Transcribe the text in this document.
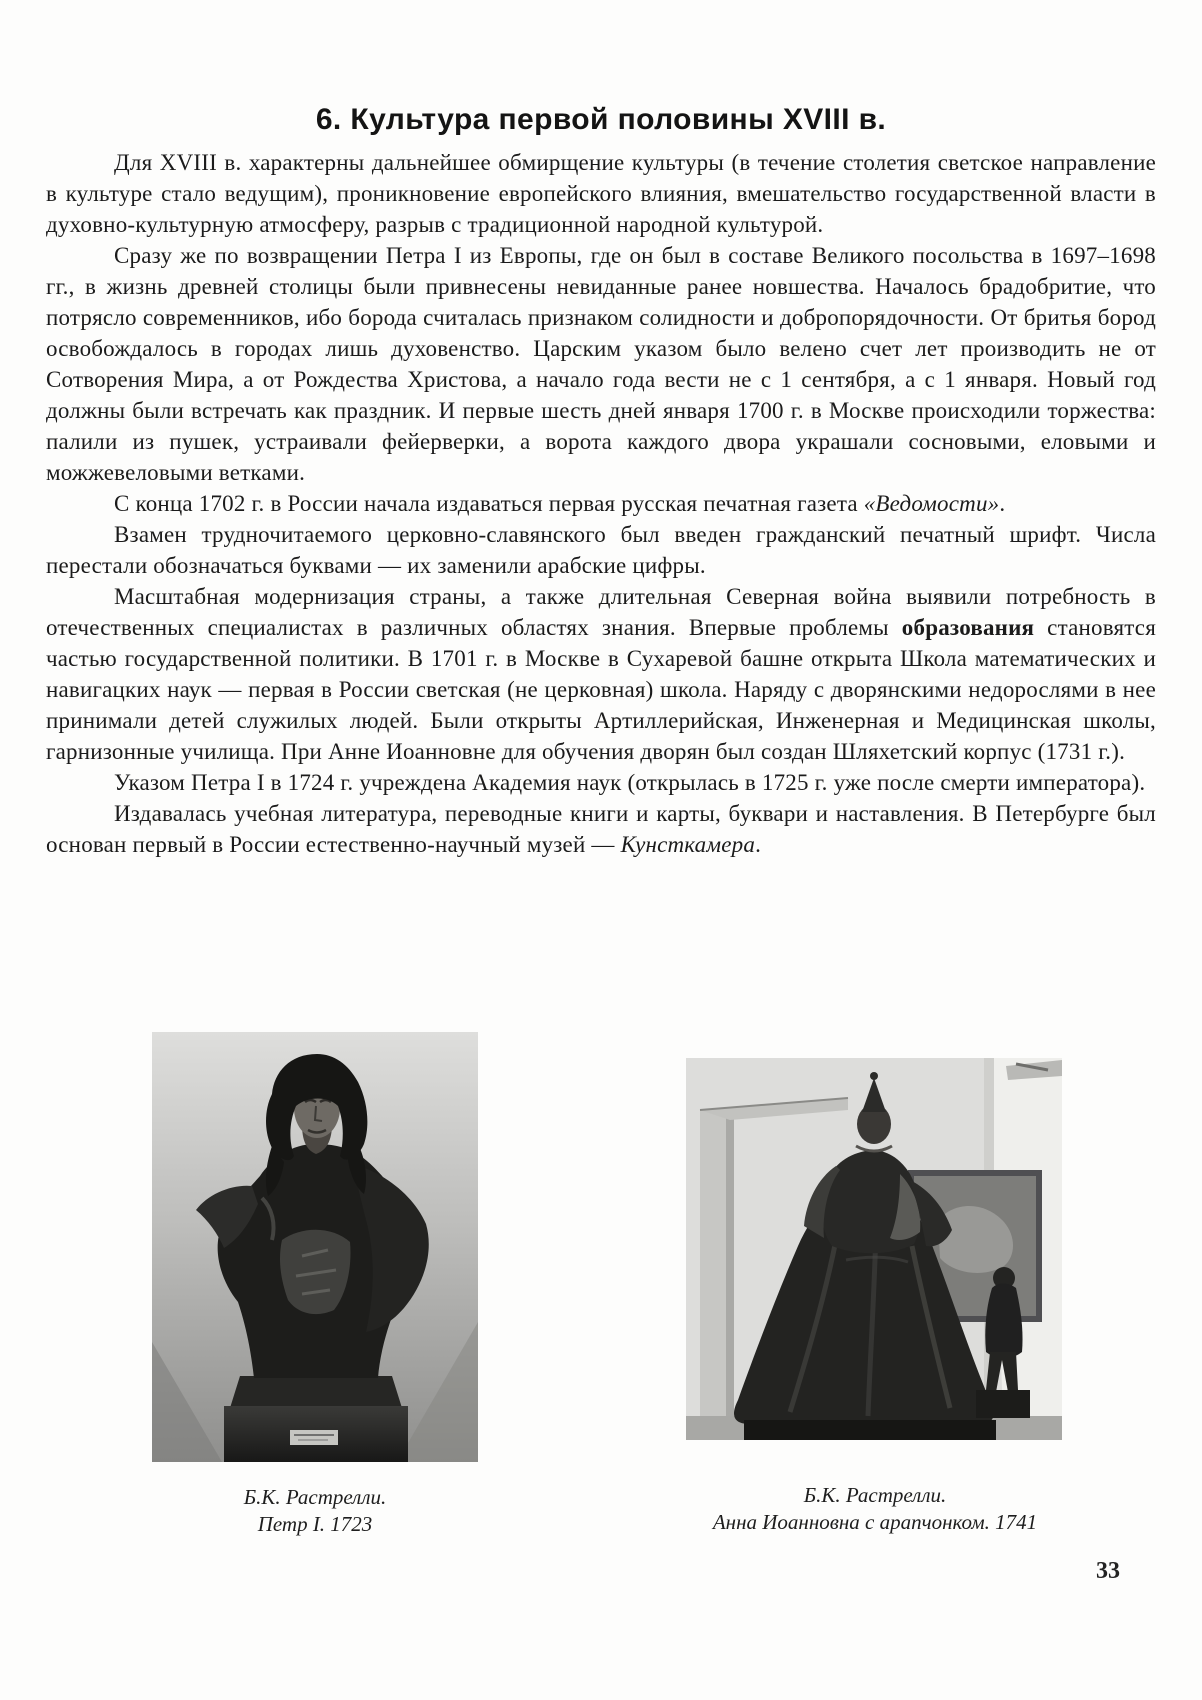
6. Культура первой половины XVIII в.

Для XVIII в. характерны дальнейшее обмирщение культуры (в течение столетия светское направление в культуре стало ведущим), проникновение европейского влияния, вмешательство государственной власти в духовно-культурную атмосферу, разрыв с традиционной народной культурой.

Сразу же по возвращении Петра I из Европы, где он был в составе Великого посольства в 1697–1698 гг., в жизнь древней столицы были привнесены невиданные ранее новшества. Началось брадобритие, что потрясло современников, ибо борода считалась признаком солидности и добропорядочности. От бритья бород освобождалось в городах лишь духовенство. Царским указом было велено счет лет производить не от Сотворения Мира, а от Рождества Христова, а начало года вести не с 1 сентября, а с 1 января. Новый год должны были встречать как праздник. И первые шесть дней января 1700 г. в Москве происходили торжества: палили из пушек, устраивали фейерверки, а ворота каждого двора украшали сосновыми, еловыми и можжевеловыми ветками.

С конца 1702 г. в России начала издаваться первая русская печатная газета «Ведомости».

Взамен трудночитаемого церковно-славянского был введен гражданский печатный шрифт. Числа перестали обозначаться буквами — их заменили арабские цифры.

Масштабная модернизация страны, а также длительная Северная война выявили потребность в отечественных специалистах в различных областях знания. Впервые проблемы образования становятся частью государственной политики. В 1701 г. в Москве в Сухаревой башне открыта Школа математических и навигацких наук — первая в России светская (не церковная) школа. Наряду с дворянскими недорослями в нее принимали детей служилых людей. Были открыты Артиллерийская, Инженерная и Медицинская школы, гарнизонные училища. При Анне Иоанновне для обучения дворян был создан Шляхетский корпус (1731 г.).

Указом Петра I в 1724 г. учреждена Академия наук (открылась в 1725 г. уже после смерти императора).

Издавалась учебная литература, переводные книги и карты, буквари и наставления. В Петербурге был основан первый в России естественно-научный музей — Кунсткамера.

Б.К. Растрелли.
Петр I. 1723
Б.К. Растрелли.
Анна Иоанновна с арапчонком. 1741
33
